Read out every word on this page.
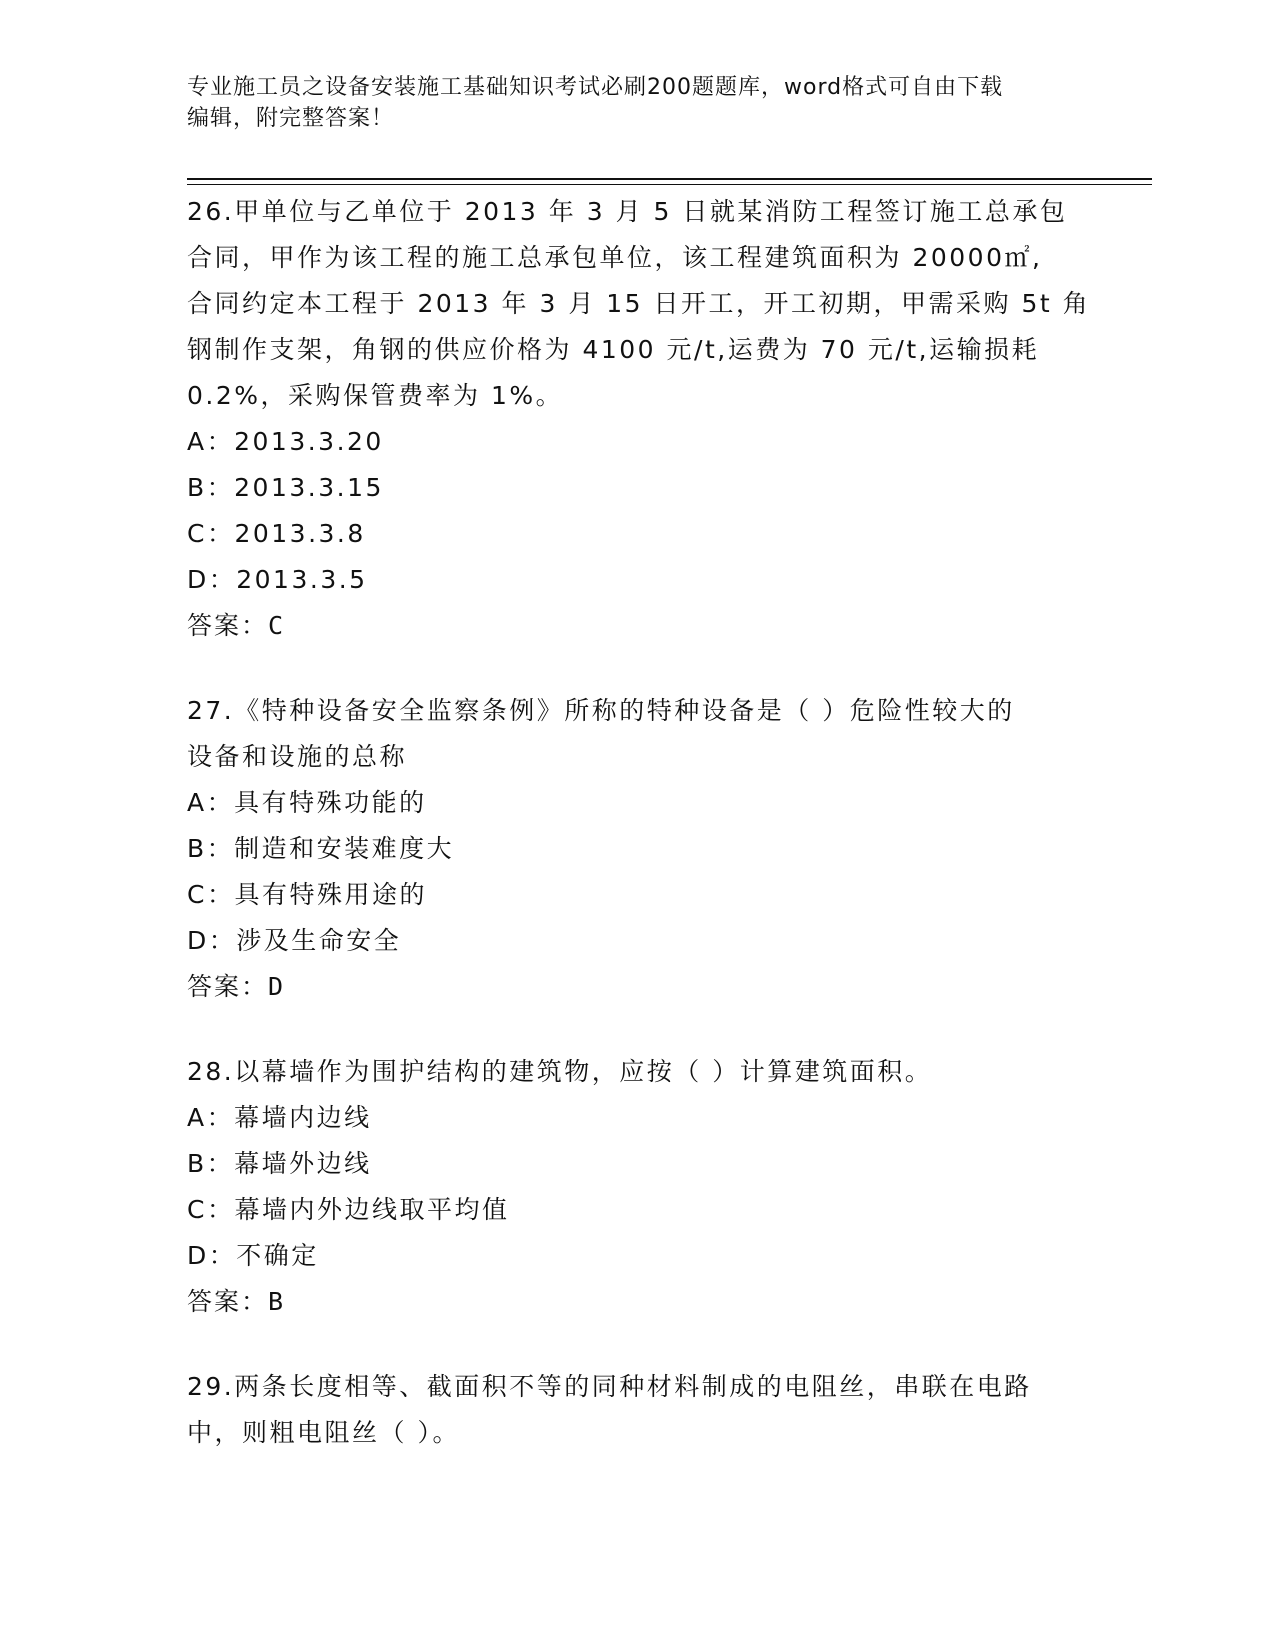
专业施工员之设备安装施工基础知识考试必刷200题题库，word格式可自由下载
编辑，附完整答案！
26.甲单位与乙单位于 2013 年 3 月 5 日就某消防工程签订施工总承包
合同，甲作为该工程的施工总承包单位，该工程建筑面积为 20000㎡,
合同约定本工程于 2013 年 3 月 15 日开工，开工初期，甲需采购 5t 角
钢制作支架，角钢的供应价格为 4100 元/t,运费为 70 元/t,运输损耗
0.2%，采购保管费率为 1%。
A：2013.3.20
B：2013.3.15
C：2013.3.8
D：2013.3.5
答案：C
27.《特种设备安全监察条例》所称的特种设备是（ ）危险性较大的
设备和设施的总称
A：具有特殊功能的
B：制造和安装难度大
C：具有特殊用途的
D：涉及生命安全
答案：D
28.以幕墙作为围护结构的建筑物，应按（ ）计算建筑面积。
A：幕墙内边线
B：幕墙外边线
C：幕墙内外边线取平均值
D：不确定
答案：B
29.两条长度相等、截面积不等的同种材料制成的电阻丝，串联在电路
中，则粗电阻丝（ ）。
